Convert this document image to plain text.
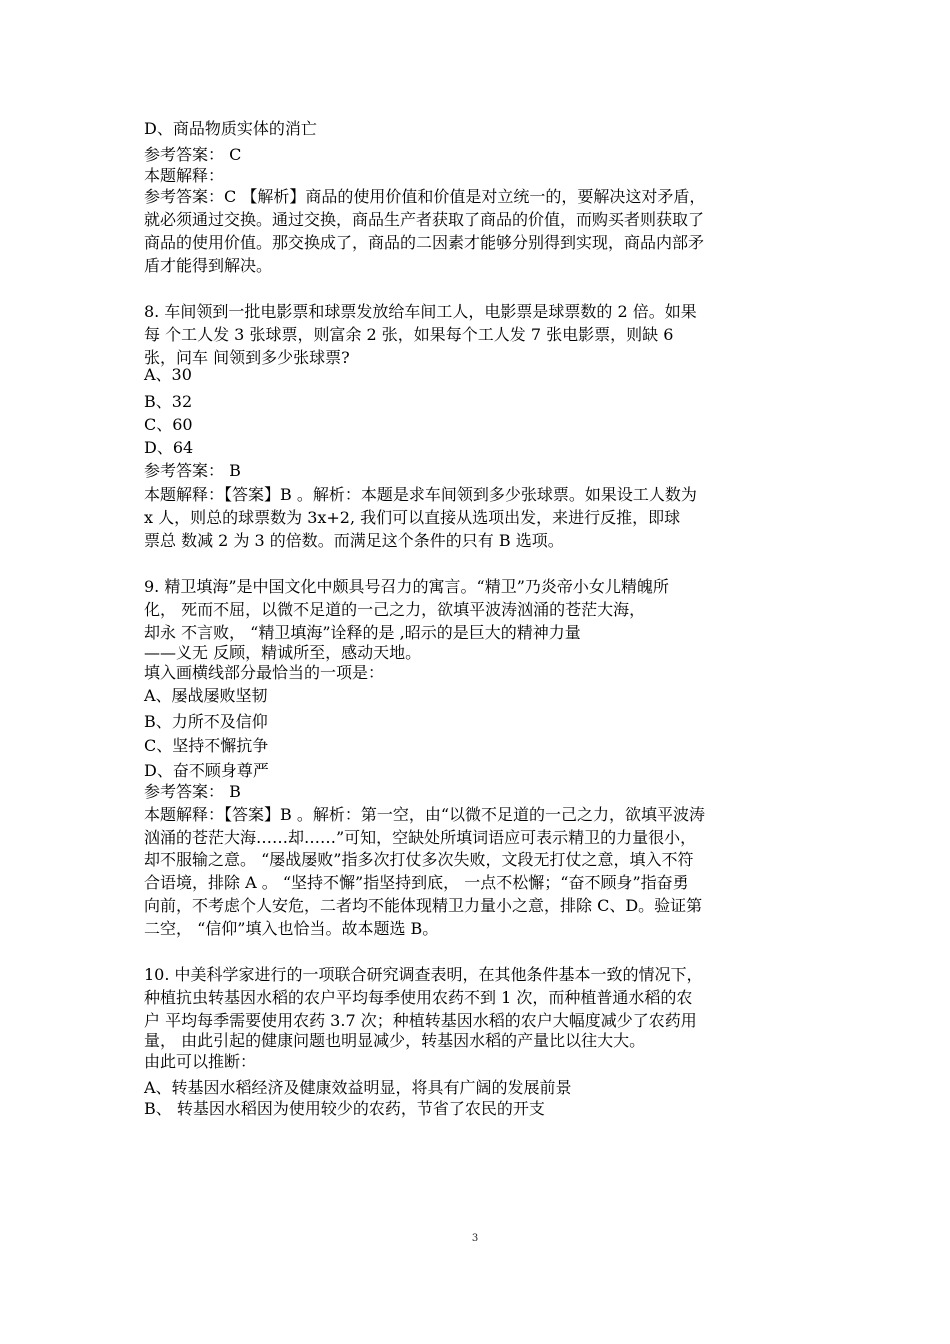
D、商品物质实体的消亡

参考答案： C

本题解释：

参考答案：C 【解析】商品的使用价值和价值是对立统一的，要解决这对矛盾，

就必须通过交换。通过交换，商品生产者获取了商品的价值，而购买者则获取了

商品的使用价值。那交换成了，商品的二因素才能够分别得到实现，商品内部矛

盾才能得到解决。

8. 车间领到一批电影票和球票发放给车间工人，电影票是球票数的 2 倍。如果

每 个工人发 3 张球票，则富余 2 张，如果每个工人发 7 张电影票，则缺 6

张，问车 间领到多少张球票?

A、30

B、32

C、60

D、64

参考答案： B

本题解释：【答案】B 。解析：本题是求车间领到多少张球票。如果设工人数为

x 人，则总的球票数为 3x+2, 我们可以直接从选项出发，来进行反推，即球

票总 数减 2 为 3 的倍数。而满足这个条件的只有 B 选项。

9. 精卫填海”是中国文化中颇具号召力的寓言。“精卫”乃炎帝小女儿精魄所

化， 死而不屈，以微不足道的一己之力，欲填平波涛汹涌的苍茫大海，

却永 不言败， “精卫填海”诠释的是 ,昭示的是巨大的精神力量

——义无 反顾，精诚所至，感动天地。

填入画横线部分最恰当的一项是：

A、屡战屡败坚韧

B、力所不及信仰

C、坚持不懈抗争

D、奋不顾身尊严

参考答案： B

本题解释：【答案】B 。解析：第一空，由“以微不足道的一己之力，欲填平波涛

汹涌的苍茫大海……却……”可知，空缺处所填词语应可表示精卫的力量很小，

却不服输之意。 “屡战屡败”指多次打仗多次失败，文段无打仗之意，填入不符

合语境，排除 A 。 “坚持不懈”指坚持到底， 一点不松懈；“奋不顾身”指奋勇

向前，不考虑个人安危，二者均不能体现精卫力量小之意，排除 C、D。验证第

二空， “信仰”填入也恰当。故本题选 B。

10. 中美科学家进行的一项联合研究调查表明，在其他条件基本一致的情况下，

种植抗虫转基因水稻的农户平均每季使用农药不到 1 次，而种植普通水稻的农

户 平均每季需要使用农药 3.7 次；种植转基因水稻的农户大幅度减少了农药用

量， 由此引起的健康问题也明显减少，转基因水稻的产量比以往大大。

由此可以推断：

A、转基因水稻经济及健康效益明显，将具有广阔的发展前景

B、 转基因水稻因为使用较少的农药，节省了农民的开支

3
